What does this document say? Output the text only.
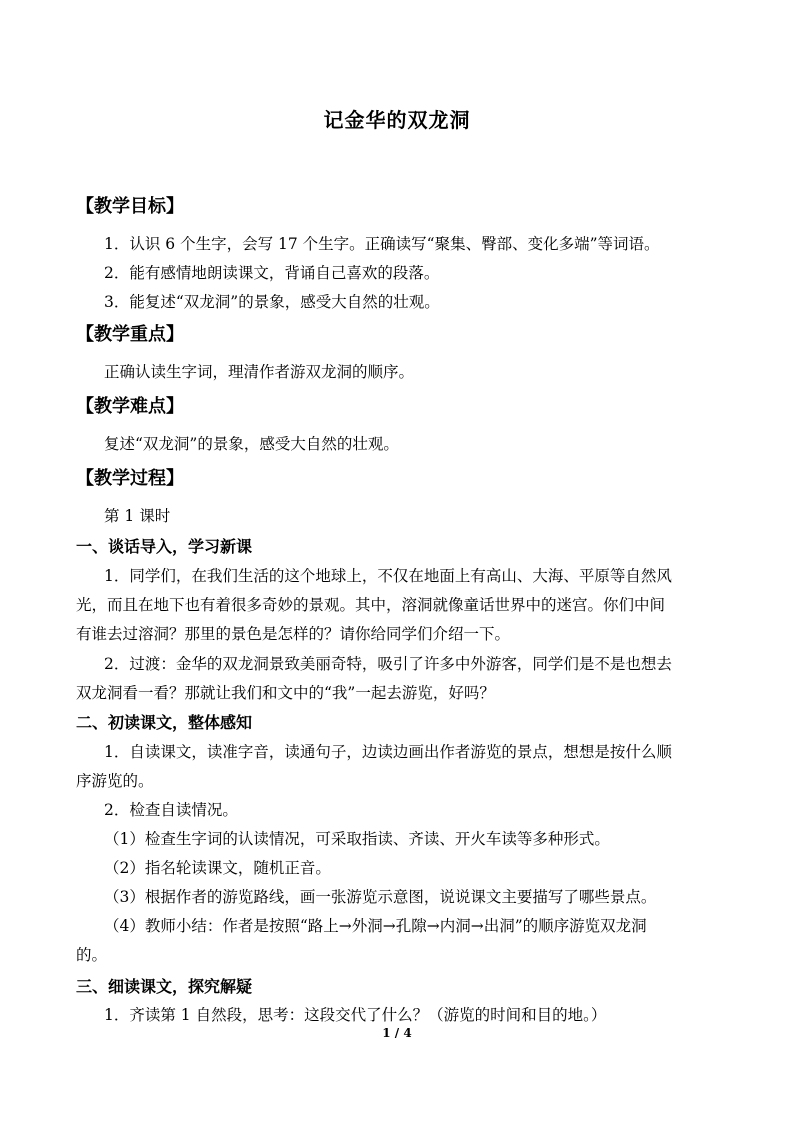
记金华的双龙洞
【教学目标】
1．认识 6 个生字，会写 17 个生字。正确读写“聚集、臀部、变化多端”等词语。
2．能有感情地朗读课文，背诵自己喜欢的段落。
3．能复述“双龙洞”的景象，感受大自然的壮观。
【教学重点】
正确认读生字词，理清作者游双龙洞的顺序。
【教学难点】
复述“双龙洞”的景象，感受大自然的壮观。
【教学过程】
第 1 课时
一、谈话导入，学习新课
1．同学们，在我们生活的这个地球上，不仅在地面上有高山、大海、平原等自然风
光，而且在地下也有着很多奇妙的景观。其中，溶洞就像童话世界中的迷宫。你们中间
有谁去过溶洞？那里的景色是怎样的？请你给同学们介绍一下。
2．过渡：金华的双龙洞景致美丽奇特，吸引了许多中外游客，同学们是不是也想去
双龙洞看一看？那就让我们和文中的“我”一起去游览，好吗？
二、初读课文，整体感知
1．自读课文，读准字音，读通句子，边读边画出作者游览的景点，想想是按什么顺
序游览的。
2．检查自读情况。
（1）检查生字词的认读情况，可采取指读、齐读、开火车读等多种形式。
（2）指名轮读课文，随机正音。
（3）根据作者的游览路线，画一张游览示意图，说说课文主要描写了哪些景点。
（4）教师小结：作者是按照“路上→外洞→孔隙→内洞→出洞”的顺序游览双龙洞
的。
三、细读课文，探究解疑
1．齐读第 1 自然段，思考：这段交代了什么？（游览的时间和目的地。）
1 / 4
